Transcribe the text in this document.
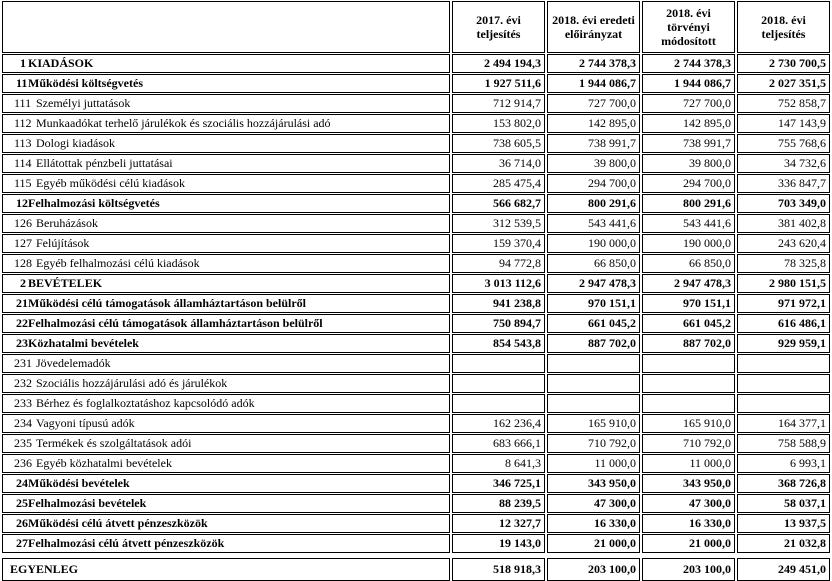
	2017. évi teljesítés	2018. évi eredeti előirányzat	2018. évi törvényi módosított	2018. évi teljesítés
1 KIADÁSOK	2 494 194,3	2 744 378,3	2 744 378,3	2 730 700,5
11Működési költségvetés	1 927 511,6	1 944 086,7	1 944 086,7	2 027 351,5
111 Személyi juttatások	712 914,7	727 700,0	727 700,0	752 858,7
112 Munkaadókat terhelő járulékok és szociális hozzájárulási adó	153 802,0	142 895,0	142 895,0	147 143,9
113 Dologi kiadások	738 605,5	738 991,7	738 991,7	755 768,6
114 Ellátottak pénzbeli juttatásai	36 714,0	39 800,0	39 800,0	34 732,6
115 Egyéb működési célú kiadások	285 475,4	294 700,0	294 700,0	336 847,7
12Felhalmozási költségvetés	566 682,7	800 291,6	800 291,6	703 349,0
126 Beruházások	312 539,5	543 441,6	543 441,6	381 402,8
127 Felújítások	159 370,4	190 000,0	190 000,0	243 620,4
128 Egyéb felhalmozási célú kiadások	94 772,8	66 850,0	66 850,0	78 325,8
2 BEVÉTELEK	3 013 112,6	2 947 478,3	2 947 478,3	2 980 151,5
21Működési célú támogatások államháztartáson belülről	941 238,8	970 151,1	970 151,1	971 972,1
22Felhalmozási célú támogatások államháztartáson belülről	750 894,7	661 045,2	661 045,2	616 486,1
23Közhatalmi bevételek	854 543,8	887 702,0	887 702,0	929 959,1
231 Jövedelemadók				
232 Szociális hozzájárulási adó és járulékok				
233 Bérhez és foglalkoztatáshoz kapcsolódó adók				
234 Vagyoni típusú adók	162 236,4	165 910,0	165 910,0	164 377,1
235 Termékek és szolgáltatások adói	683 666,1	710 792,0	710 792,0	758 588,9
236 Egyéb közhatalmi bevételek	8 641,3	11 000,0	11 000,0	6 993,1
24Működési bevételek	346 725,1	343 950,0	343 950,0	368 726,8
25Felhalmozási bevételek	88 239,5	47 300,0	47 300,0	58 037,1
26Működési célú átvett pénzeszközök	12 327,7	16 330,0	16 330,0	13 937,5
27Felhalmozási célú átvett pénzeszközök	19 143,0	21 000,0	21 000,0	21 032,8
EGYENLEG	518 918,3	203 100,0	203 100,0	249 451,0
